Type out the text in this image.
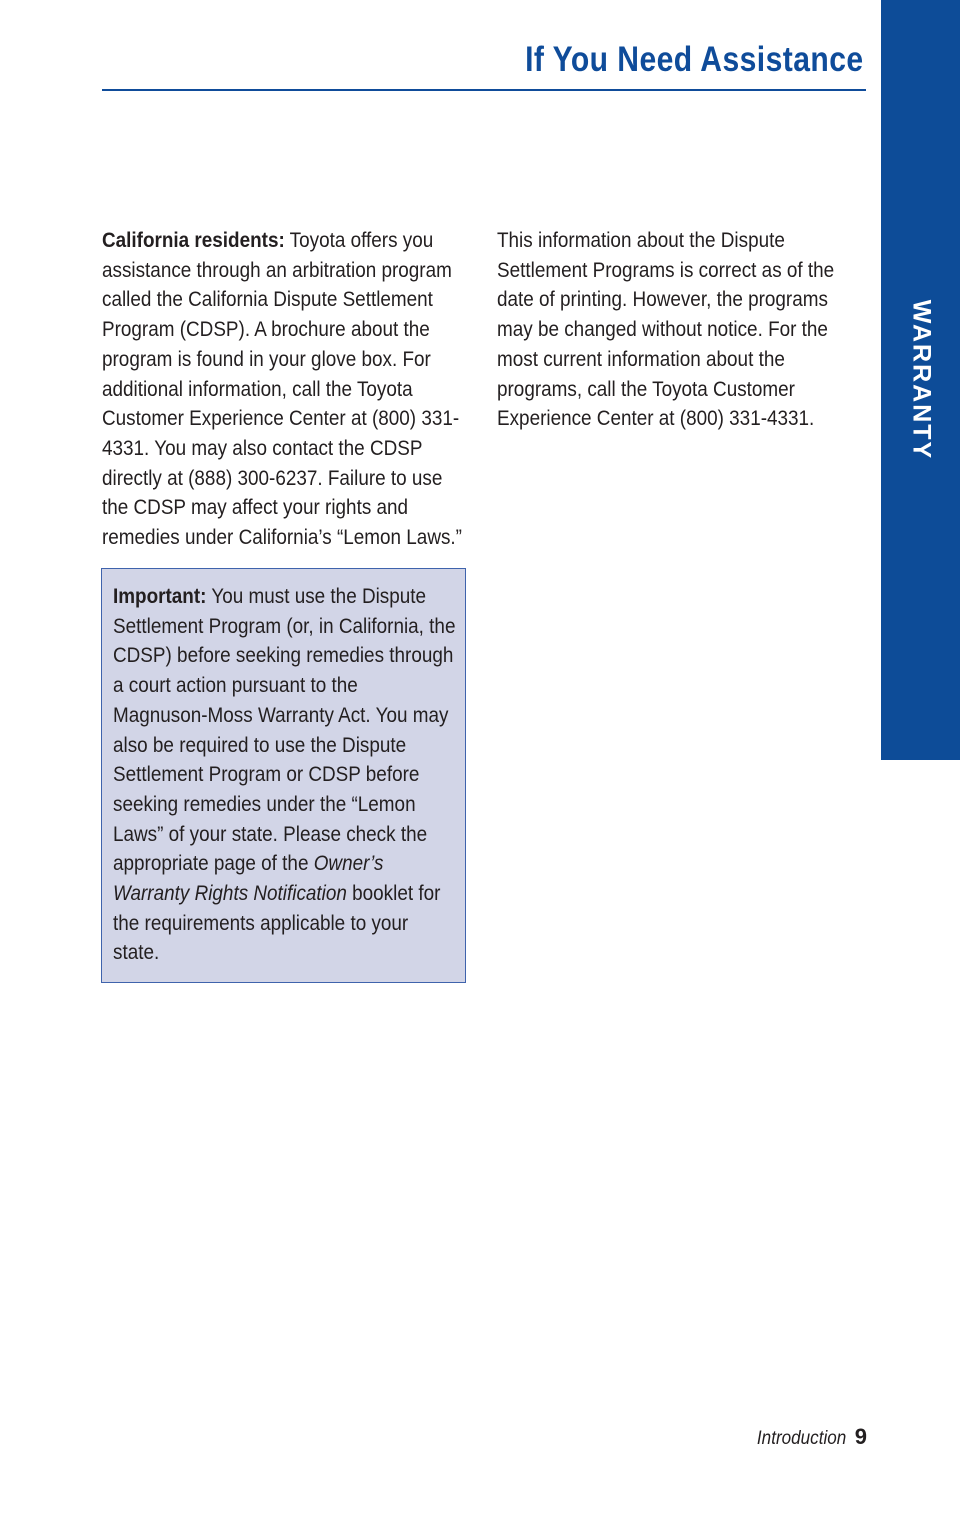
If You Need Assistance
WARRANTY

California residents: Toyota offers you assistance through an arbitration program called the California Dispute Settlement Program (CDSP). A brochure about the program is found in your glove box. For additional information, call the Toyota Customer Experience Center at (800) 331-4331. You may also contact the CDSP directly at (888) 300-6237. Failure to use the CDSP may affect your rights and remedies under California’s “Lemon Laws.”

Important: You must use the Dispute Settlement Program (or, in California, the CDSP) before seeking remedies through a court action pursuant to the Magnuson-Moss Warranty Act. You may also be required to use the Dispute Settlement Program or CDSP before seeking remedies under the “Lemon Laws” of your state. Please check the appropriate page of the Owner’s Warranty Rights Notification booklet for the requirements applicable to your state.

This information about the Dispute Settlement Programs is correct as of the date of printing. However, the programs may be changed without notice. For the most current information about the programs, call the Toyota Customer Experience Center at (800) 331-4331.

Introduction 9
